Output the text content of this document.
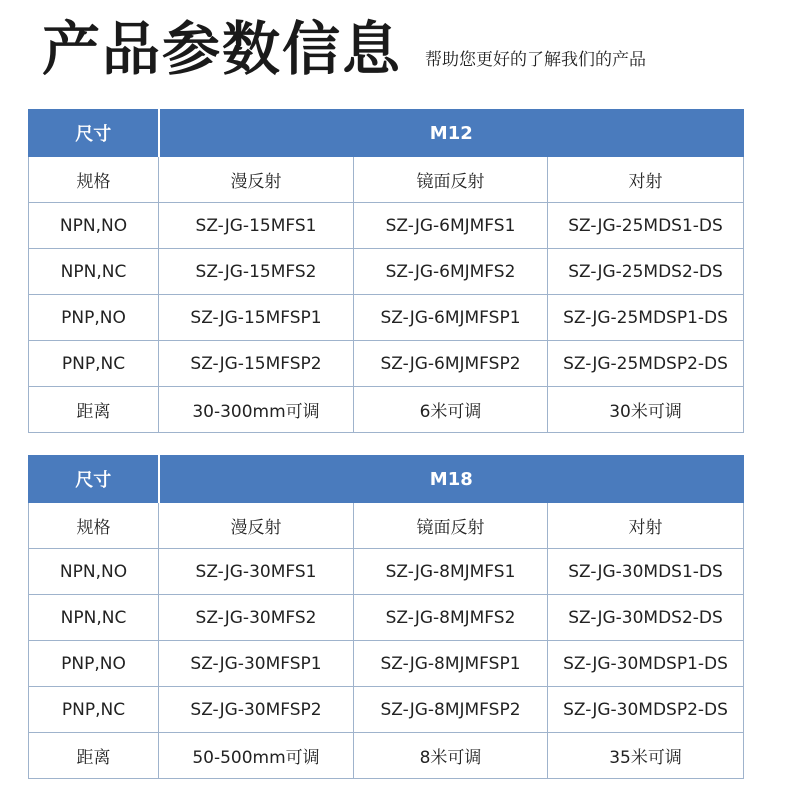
产品参数信息 帮助您更好的了解我们的产品
尺寸	M12		
规格	漫反射	镜面反射	对射
NPN,NO	SZ-JG-15MFS1	SZ-JG-6MJMFS1	SZ-JG-25MDS1-DS
NPN,NC	SZ-JG-15MFS2	SZ-JG-6MJMFS2	SZ-JG-25MDS2-DS
PNP,NO	SZ-JG-15MFSP1	SZ-JG-6MJMFSP1	SZ-JG-25MDSP1-DS
PNP,NC	SZ-JG-15MFSP2	SZ-JG-6MJMFSP2	SZ-JG-25MDSP2-DS
距离	30-300mm可调	6米可调	30米可调
尺寸	M18		
规格	漫反射	镜面反射	对射
NPN,NO	SZ-JG-30MFS1	SZ-JG-8MJMFS1	SZ-JG-30MDS1-DS
NPN,NC	SZ-JG-30MFS2	SZ-JG-8MJMFS2	SZ-JG-30MDS2-DS
PNP,NO	SZ-JG-30MFSP1	SZ-JG-8MJMFSP1	SZ-JG-30MDSP1-DS
PNP,NC	SZ-JG-30MFSP2	SZ-JG-8MJMFSP2	SZ-JG-30MDSP2-DS
距离	50-500mm可调	8米可调	35米可调
